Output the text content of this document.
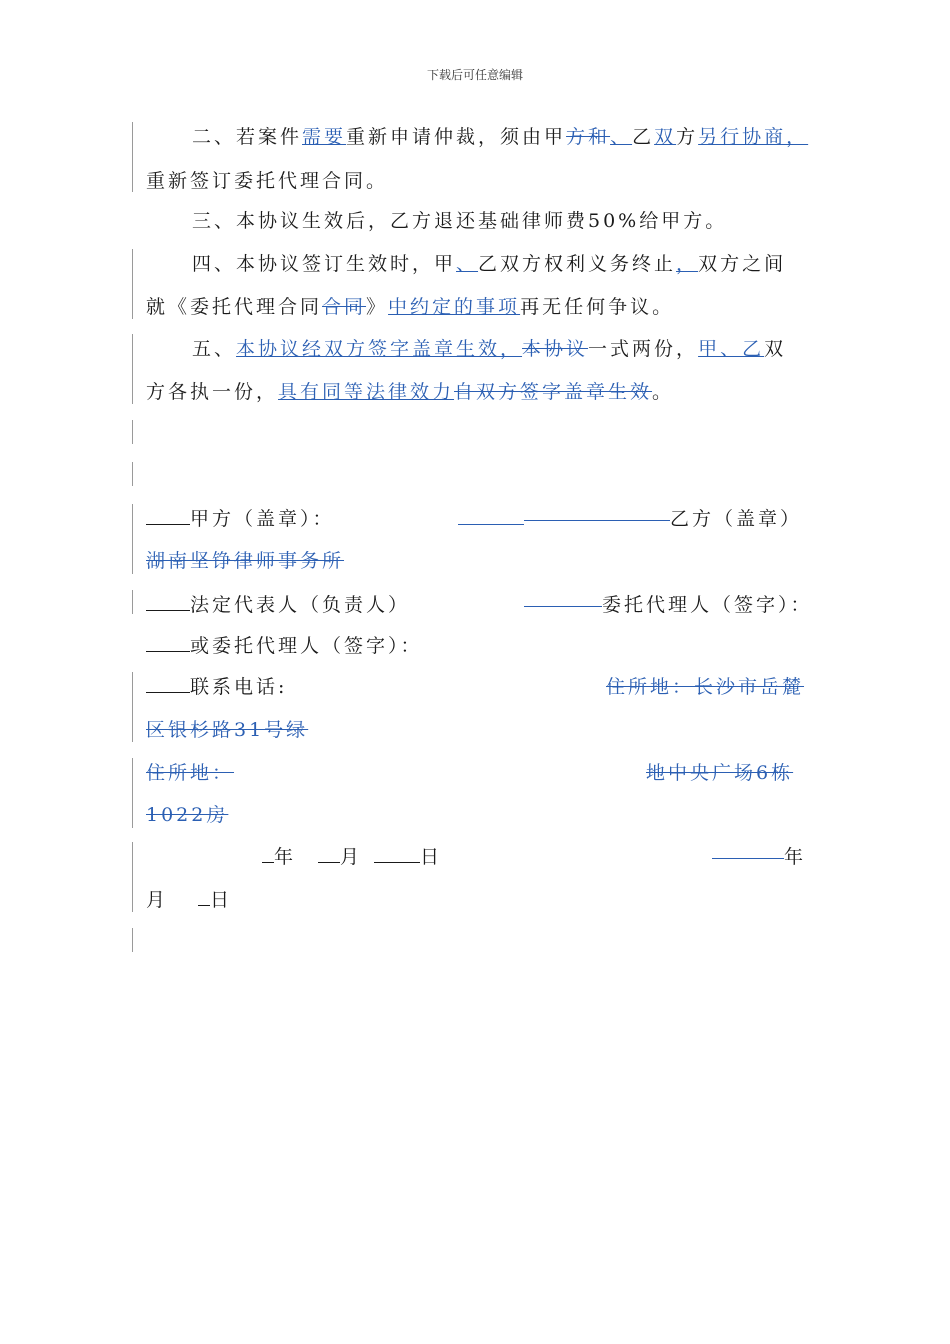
下载后可任意编辑
二、若案件需要重新申请仲裁，须由甲方和、乙双方另行协商，
重新签订委托代理合同。
三、本协议生效后，乙方退还基础律师费50%给甲方。
四、本协议签订生效时，甲、乙双方权利义务终止，双方之间
就《委托代理合同合同》中约定的事项再无任何争议。
五、本协议经双方签字盖章生效，本协议一式两份，甲、乙双
方各执一份，具有同等法律效力自双方签字盖章生效。
甲方（盖章）：	乙方（盖章）
湖南坚铮律师事务所
法定代表人（负责人）	委托代理人（签字）：
或委托代理人（签字）：
联系电话:	住所地：长沙市岳麓
区银杉路31号绿
住所地：	地中央广场6栋
1022房
年 月	日	年
月 日
